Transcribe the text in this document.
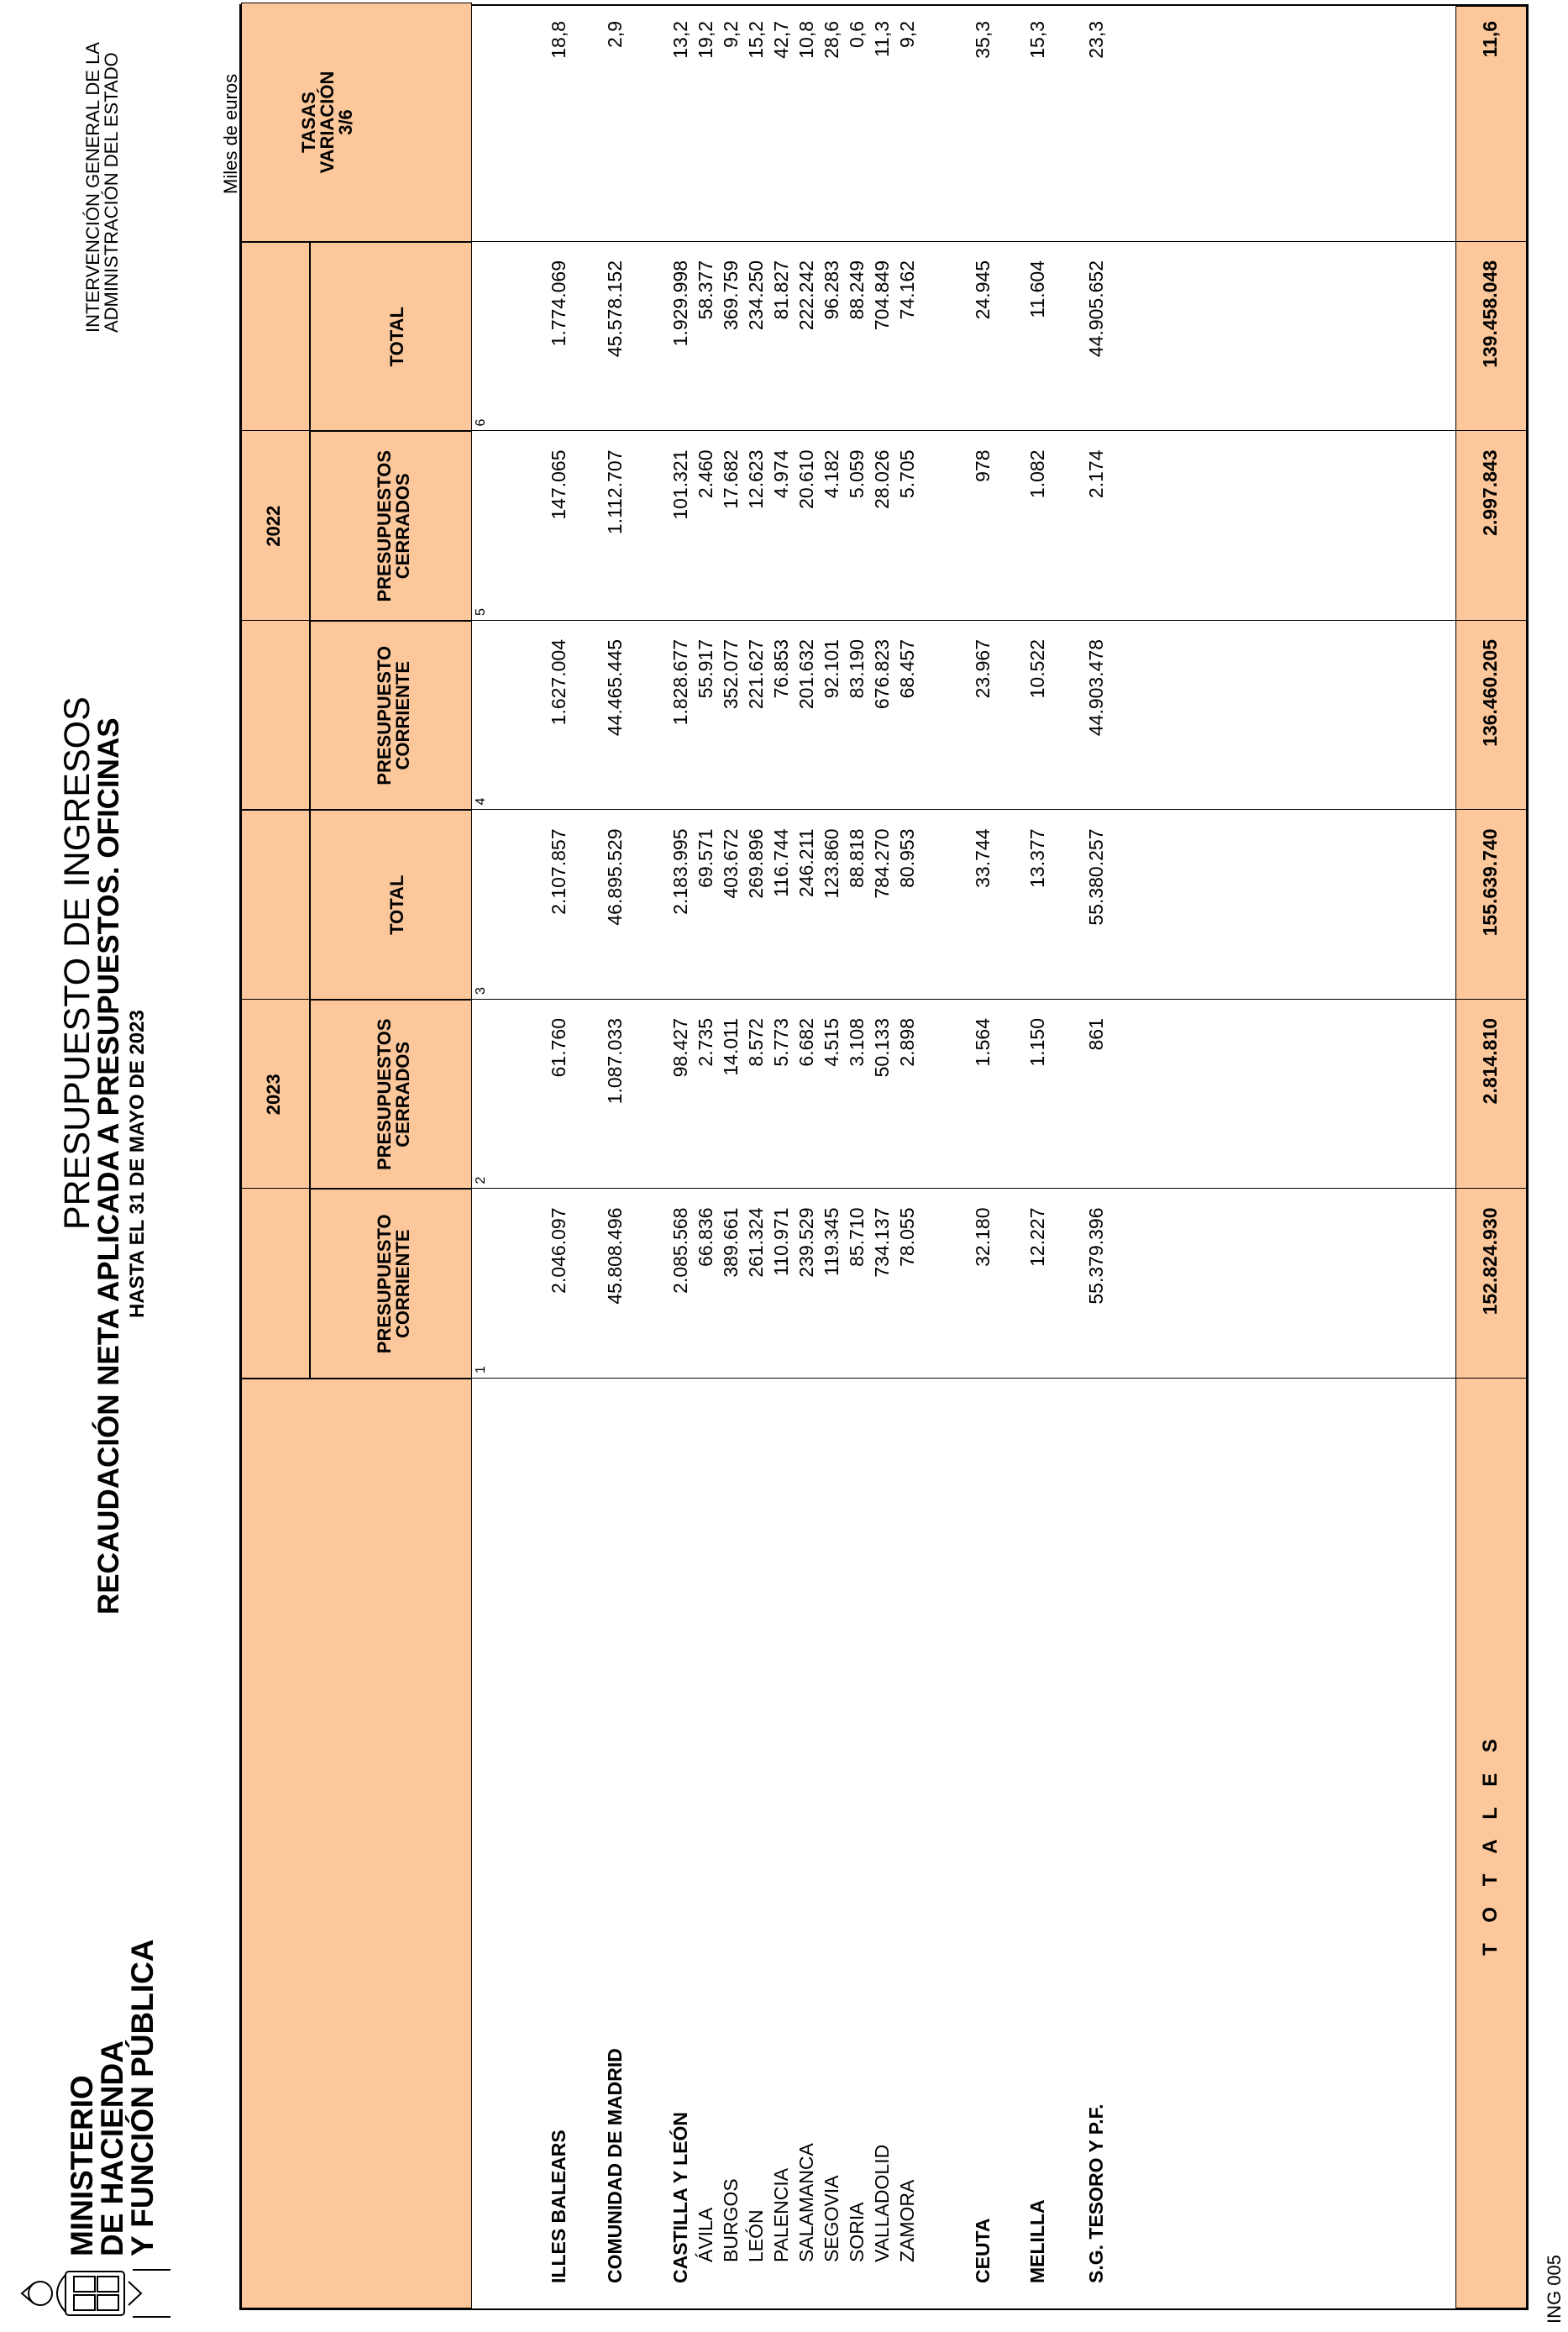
MINISTERIO
DE HACIENDA
Y FUNCIÓN PÚBLICA
PRESUPUESTO DE INGRESOS
RECAUDACIÓN NETA APLICADA A PRESUPUESTOS. OFICINAS HASTA EL 31 DE MAYO DE 2023
INTERVENCIÓN GENERAL DE LA
ADMINISTRACIÓN DEL ESTADO	Miles de euros
2023
2022
PRESUPUESTO
CORRIENTE
PRESUPUESTOS
CERRADOS
TOTAL
PRESUPUESTO
CORRIENTE
PRESUPUESTOS
CERRADOS
TOTAL
TASAS
VARIACIÓN
3/6
1
2
3
4
5
6
ILLES BALEARS
2.046.097
61.760
2.107.857
1.627.004
147.065
1.774.069
18,8
COMUNIDAD DE MADRID
45.808.496
1.087.033
46.895.529
44.465.445
1.112.707
45.578.152
2,9
CASTILLA Y LEÓN
2.085.568
98.427
2.183.995
1.828.677
101.321
1.929.998
13,2
ÁVILA
66.836
2.735
69.571
55.917
2.460
58.377
19,2
BURGOS
389.661
14.011
403.672
352.077
17.682
369.759
9,2
LEÓN
261.324
8.572
269.896
221.627
12.623
234.250
15,2
PALENCIA
110.971
5.773
116.744
76.853
4.974
81.827
42,7
SALAMANCA
239.529
6.682
246.211
201.632
20.610
222.242
10,8
SEGOVIA
119.345
4.515
123.860
92.101
4.182
96.283
28,6
SORIA
85.710
3.108
88.818
83.190
5.059
88.249
0,6
VALLADOLID
734.137
50.133
784.270
676.823
28.026
704.849
11,3
ZAMORA
78.055
2.898
80.953
68.457
5.705
74.162
9,2
CEUTA
32.180
1.564
33.744
23.967
978
24.945
35,3
MELILLA
12.227
1.150
13.377
10.522
1.082
11.604
15,3
S.G. TESORO Y P.F.
55.379.396
861
55.380.257
44.903.478
2.174
44.905.652
23,3
T O T A L E S
152.824.930
2.814.810
155.639.740
136.460.205
2.997.843
139.458.048
11,6
ING 005
